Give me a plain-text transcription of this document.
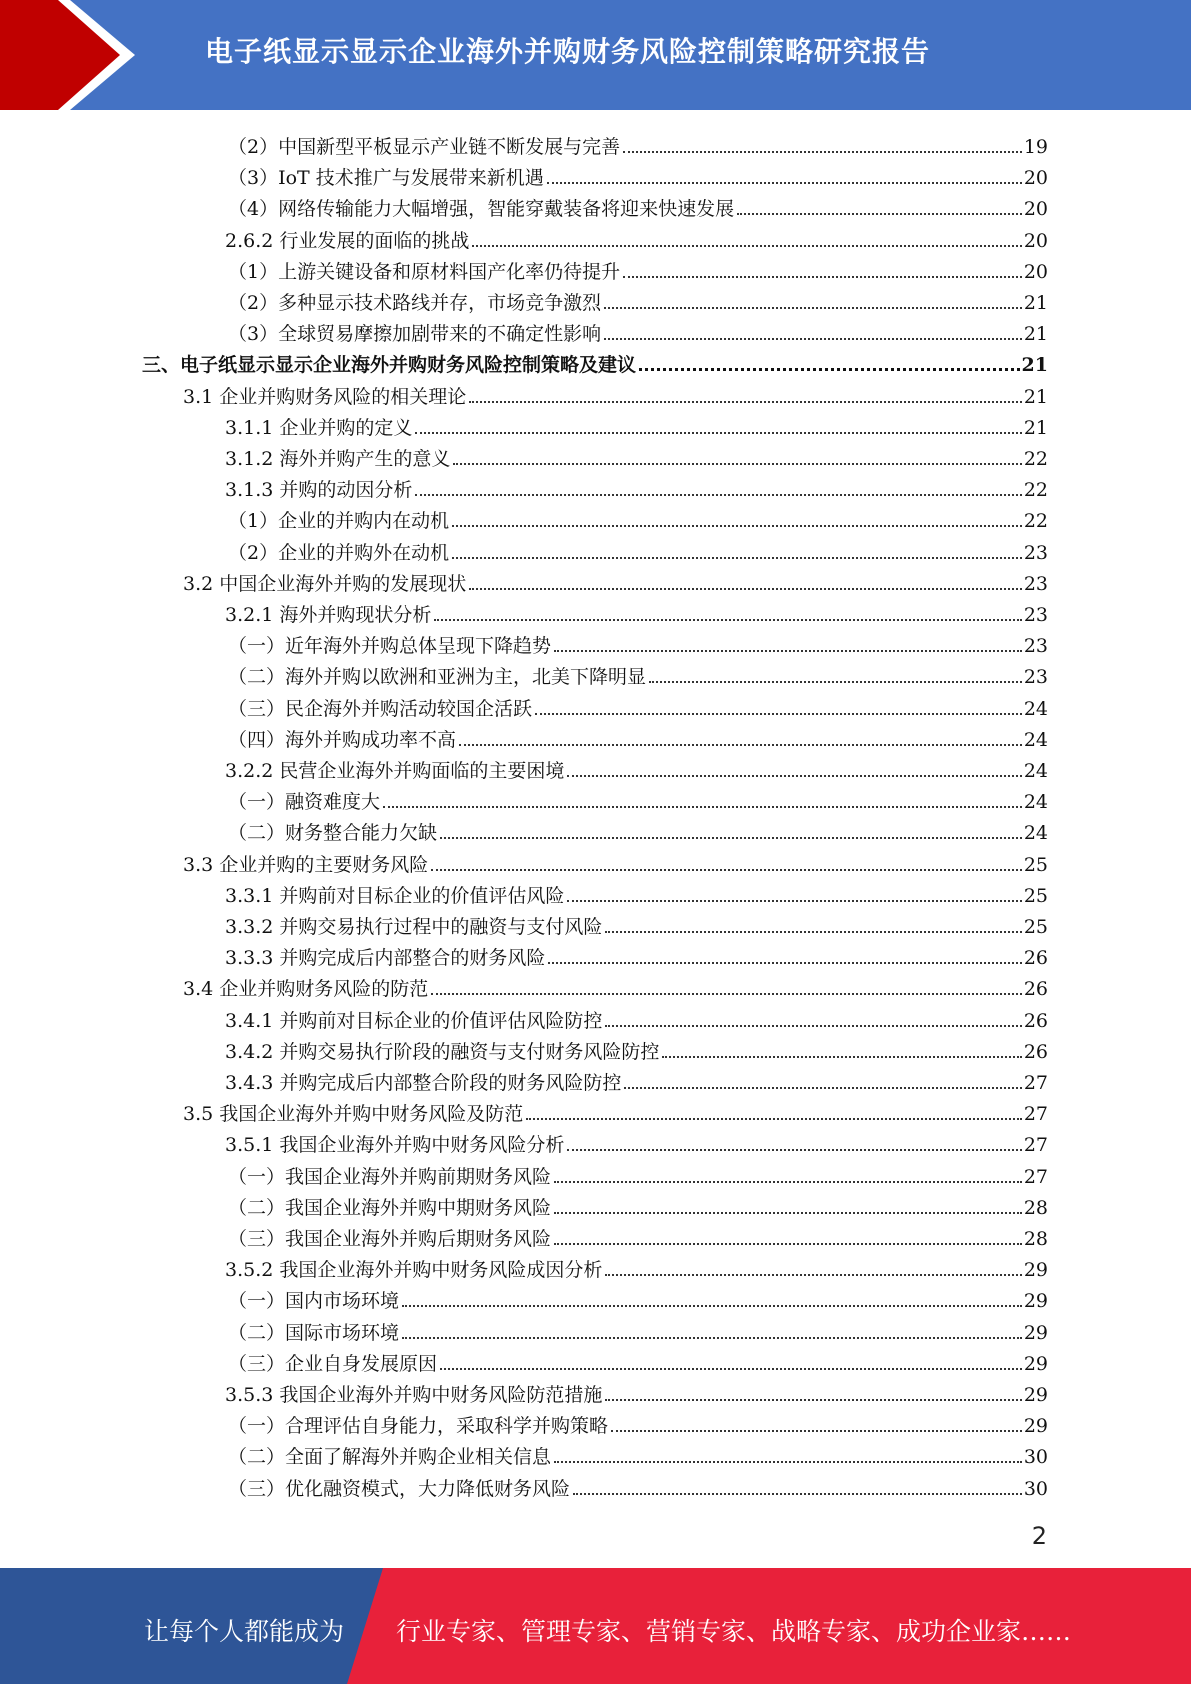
电子纸显示显示企业海外并购财务风险控制策略研究报告
（2）中国新型平板显示产业链不断发展与完善	19
（3）IoT 技术推广与发展带来新机遇	20
（4）网络传输能力大幅增强，智能穿戴装备将迎来快速发展	20
2.6.2 行业发展的面临的挑战	20
（1）上游关键设备和原材料国产化率仍待提升	20
（2）多种显示技术路线并存，市场竞争激烈	21
（3）全球贸易摩擦加剧带来的不确定性影响	21
三、电子纸显示显示企业海外并购财务风险控制策略及建议	21
3.1 企业并购财务风险的相关理论	21
3.1.1 企业并购的定义	21
3.1.2 海外并购产生的意义	22
3.1.3 并购的动因分析	22
（1）企业的并购内在动机	22
（2）企业的并购外在动机	23
3.2 中国企业海外并购的发展现状	23
3.2.1 海外并购现状分析	23
（一）近年海外并购总体呈现下降趋势	23
（二）海外并购以欧洲和亚洲为主，北美下降明显	23
（三）民企海外并购活动较国企活跃	24
（四）海外并购成功率不高	24
3.2.2 民营企业海外并购面临的主要困境	24
（一）融资难度大	24
（二）财务整合能力欠缺	24
3.3 企业并购的主要财务风险	25
3.3.1 并购前对目标企业的价值评估风险	25
3.3.2 并购交易执行过程中的融资与支付风险	25
3.3.3 并购完成后内部整合的财务风险	26
3.4 企业并购财务风险的防范	26
3.4.1 并购前对目标企业的价值评估风险防控	26
3.4.2 并购交易执行阶段的融资与支付财务风险防控	26
3.4.3 并购完成后内部整合阶段的财务风险防控	27
3.5 我国企业海外并购中财务风险及防范	27
3.5.1 我国企业海外并购中财务风险分析	27
（一）我国企业海外并购前期财务风险	27
（二）我国企业海外并购中期财务风险	28
（三）我国企业海外并购后期财务风险	28
3.5.2 我国企业海外并购中财务风险成因分析	29
（一）国内市场环境	29
（二）国际市场环境	29
（三）企业自身发展原因	29
3.5.3 我国企业海外并购中财务风险防范措施	29
（一）合理评估自身能力，采取科学并购策略	29
（二）全面了解海外并购企业相关信息	30
（三）优化融资模式，大力降低财务风险	30
2
让每个人都能成为 行业专家、管理专家、营销专家、战略专家、成功企业家……
